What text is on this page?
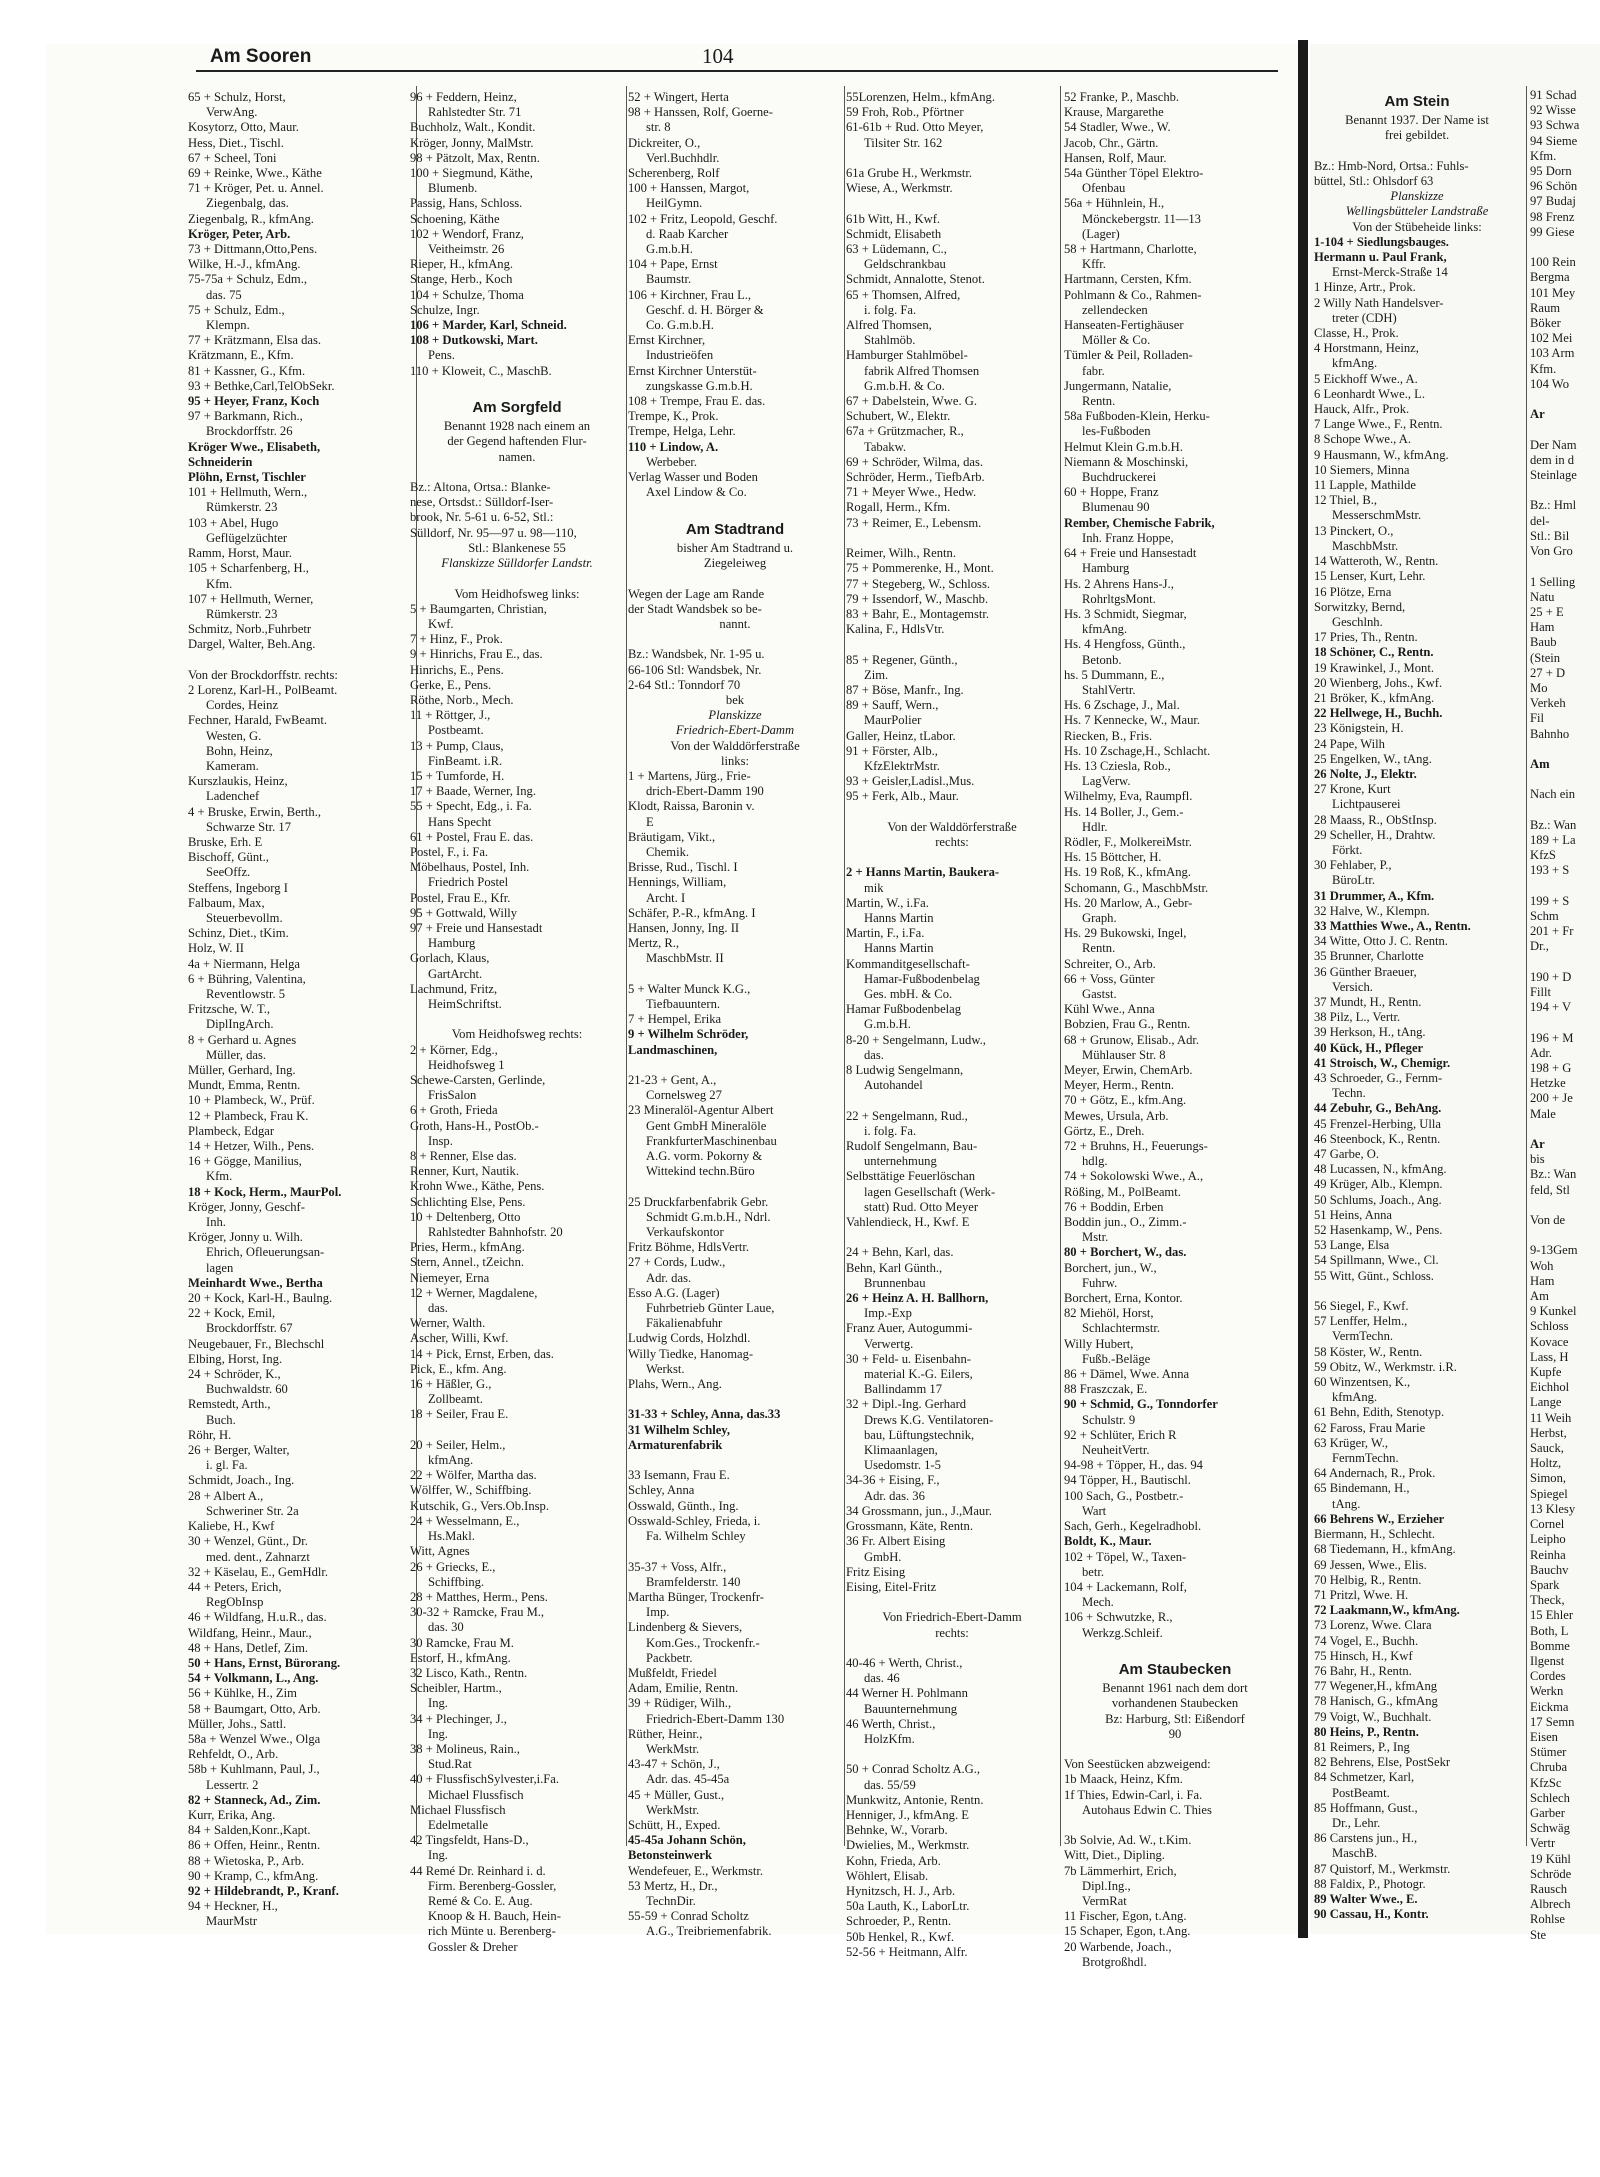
Am Sooren	104
65 + Schulz, Horst,
VerwAng.
Kosytorz, Otto, Maur.
Hess, Diet., Tischl.
67 + Scheel, Toni
69 + Reinke, Wwe., Käthe
71 + Kröger, Pet. u. Annel.
Ziegenbalg, das.
Ziegenbalg, R., kfmAng.
Kröger, Peter, Arb.
73 + Dittmann,Otto,Pens.
Wilke, H.-J., kfmAng.
75-75a + Schulz, Edm.,
das. 75
75 + Schulz, Edm.,
Klempn.
77 + Krätzmann, Elsa das.
Krätzmann, E., Kfm.
81 + Kassner, G., Kfm.
93 + Bethke,Carl,TelObSekr.
95 + Heyer, Franz, Koch
97 + Barkmann, Rich.,
Brockdorffstr. 26
Kröger Wwe., Elisabeth,
Schneiderin
Plöhn, Ernst, Tischler
101 + Hellmuth, Wern.,
Rümkerstr. 23
103 + Abel, Hugo
Geflügelzüchter
Ramm, Horst, Maur.
105 + Scharfenberg, H.,
Kfm.
107 + Hellmuth, Werner,
Rümkerstr. 23
Schmitz, Norb.,Fuhrbetr
Dargel, Walter, Beh.Ang.

Von der Brockdorffstr. rechts:
2 Lorenz, Karl-H., PolBeamt.
Cordes, Heinz
Fechner, Harald, FwBeamt.
Westen, G.
Bohn, Heinz,
Kameram.
Kurszlaukis, Heinz,
Ladenchef
4 + Bruske, Erwin, Berth.,
Schwarze Str. 17
Bruske, Erh. E
Bischoff, Günt.,
SeeOffz.
Steffens, Ingeborg I
Falbaum, Max,
Steuerbevollm.
Schinz, Diet., tKim.
Holz, W. II
4a + Niermann, Helga
6 + Bühring, Valentina,
Reventlowstr. 5
Fritzsche, W. T.,
DiplIngArch.
8 + Gerhard u. Agnes
Müller, das.
Müller, Gerhard, Ing.
Mundt, Emma, Rentn.
10 + Plambeck, W., Prüf.
12 + Plambeck, Frau K.
Plambeck, Edgar
14 + Hetzer, Wilh., Pens.
16 + Gögge, Manilius,
Kfm.
18 + Kock, Herm., MaurPol.
Kröger, Jonny, Geschf-
Inh.
Kröger, Jonny u. Wilh.
Ehrich, Ofleuerungsan-
lagen
Meinhardt Wwe., Bertha
20 + Kock, Karl-H., Baulng.
22 + Kock, Emil,
Brockdorffstr. 67
Neugebauer, Fr., Blechschl
Elbing, Horst, Ing.
24 + Schröder, K.,
Buchwaldstr. 60
Remstedt, Arth.,
Buch.
Röhr, H.
26 + Berger, Walter,
i. gl. Fa.
Schmidt, Joach., Ing.
28 + Albert A.,
Schweriner Str. 2a
Kaliebe, H., Kwf
30 + Wenzel, Günt., Dr.
med. dent., Zahnarzt
32 + Käselau, E., GemHdlr.
44 + Peters, Erich,
RegObInsp
46 + Wildfang, H.u.R., das.
Wildfang, Heinr., Maur.,
48 + Hans, Detlef, Zim.
50 + Hans, Ernst, Bürorang.
54 + Volkmann, L., Ang.
56 + Kühlke, H., Zim
58 + Baumgart, Otto, Arb.
Müller, Johs., Sattl.
58a + Wenzel Wwe., Olga
Rehfeldt, O., Arb.
58b + Kuhlmann, Paul, J.,
Lessertr. 2
82 + Stanneck, Ad., Zim.
Kurr, Erika, Ang.
84 + Salden,Konr.,Kapt.
86 + Offen, Heinr., Rentn.
88 + Wietoska, P., Arb.
90 + Kramp, C., kfmAng.
92 + Hildebrandt, P., Kranf.
94 + Heckner, H.,
MaurMstr
96 + Feddern, Heinz,
Rahlstedter Str. 71
Buchholz, Walt., Kondit.
Kröger, Jonny, MalMstr.
98 + Pätzolt, Max, Rentn.
100 + Siegmund, Käthe,
Blumenb.
Passig, Hans, Schloss.
Schoening, Käthe
102 + Wendorf, Franz,
Veitheimstr. 26
Rieper, H., kfmAng.
Stange, Herb., Koch
104 + Schulze, Thoma
Schulze, Ingr.
106 + Marder, Karl, Schneid.
108 + Dutkowski, Mart.
Pens.
110 + Kloweit, C., MaschB.

Am Sorgfeld
Benannt 1928 nach einem an
der Gegend haftenden Flur-
namen.

Bz.: Altona, Ortsa.: Blanke-
nese, Ortsdst.: Sülldorf-Iser-
brook, Nr. 5-61 u. 6-52, Stl.:
Sülldorf, Nr. 95—97 u. 98—110,
Stl.: Blankenese 55
Flanskizze Sülldorfer Landstr.

Vom Heidhofsweg links:
5 + Baumgarten, Christian,
Kwf.
7 + Hinz, F., Prok.
9 + Hinrichs, Frau E., das.
Hinrichs, E., Pens.
Gerke, E., Pens.
Röthe, Norb., Mech.
11 + Röttger, J.,
Postbeamt.
13 + Pump, Claus,
FinBeamt. i.R.
15 + Tumforde, H.
17 + Baade, Werner, Ing.
55 + Specht, Edg., i. Fa.
Hans Specht
61 + Postel, Frau E. das.
Postel, F., i. Fa.
Möbelhaus, Postel, Inh.
Friedrich Postel
Postel, Frau E., Kfr.
95 + Gottwald, Willy
97 + Freie und Hansestadt
Hamburg
Gorlach, Klaus,
GartArcht.
Lachmund, Fritz,
HeimSchriftst.

Vom Heidhofsweg rechts:
2 + Körner, Edg.,
Heidhofsweg 1
Schewe-Carsten, Gerlinde,
FrisSalon
6 + Groth, Frieda
Groth, Hans-H., PostOb.-
Insp.
8 + Renner, Else das.
Renner, Kurt, Nautik.
Krohn Wwe., Käthe, Pens.
Schlichting Else, Pens.
10 + Deltenberg, Otto
Rahlstedter Bahnhofstr. 20
Pries, Herm., kfmAng.
Stern, Annel., tZeichn.
Niemeyer, Erna
12 + Werner, Magdalene,
das.
Werner, Walth.
Ascher, Willi, Kwf.
14 + Pick, Ernst, Erben, das.
Pick, E., kfm. Ang.
16 + Häßler, G.,
Zollbeamt.
18 + Seiler, Frau E.

20 + Seiler, Helm.,
kfmAng.
22 + Wölfer, Martha das.
Wölffer, W., Schiffbing.
Kutschik, G., Vers.Ob.Insp.
24 + Wesselmann, E.,
Hs.Makl.
Witt, Agnes
26 + Griecks, E.,
Schiffbing.
28 + Matthes, Herm., Pens.
30-32 + Ramcke, Frau M.,
das. 30
30 Ramcke, Frau M.
Estorf, H., kfmAng.
32 Lisco, Kath., Rentn.
Scheibler, Hartm.,
Ing.
34 + Plechinger, J.,
Ing.
38 + Molineus, Rain.,
Stud.Rat
40 + FlussfischSylvester,i.Fa.
Michael Flussfisch
Michael Flussfisch
Edelmetalle
42 Tingsfeldt, Hans-D.,
Ing.
44 Remé Dr. Reinhard i. d.
Firm. Berenberg-Gossler,
Remé & Co. E. Aug.
Knoop & H. Bauch, Hein-
rich Münte u. Berenberg-
Gossler & Dreher
52 + Wingert, Herta
98 + Hanssen, Rolf, Goerne-
str. 8
Dickreiter, O.,
Verl.Buchhdlr.
Scherenberg, Rolf
100 + Hanssen, Margot,
HeilGymn.
102 + Fritz, Leopold, Geschf.
d. Raab Karcher
G.m.b.H.
104 + Pape, Ernst
Baumstr.
106 + Kirchner, Frau L.,
Geschf. d. H. Börger &
Co. G.m.b.H.
Ernst Kirchner,
Industrieöfen
Ernst Kirchner Unterstüt-
zungskasse G.m.b.H.
108 + Trempe, Frau E. das.
Trempe, K., Prok.
Trempe, Helga, Lehr.
110 + Lindow, A.
Werbeber.
Verlag Wasser und Boden
Axel Lindow & Co.

Am Stadtrand
bisher Am Stadtrand u.
Ziegeleiweg

Wegen der Lage am Rande
der Stadt Wandsbek so be-
nannt.

Bz.: Wandsbek, Nr. 1-95 u.
66-106 Stl: Wandsbek, Nr.
2-64 Stl.: Tonndorf 70
bek
Planskizze
Friedrich-Ebert-Damm
Von der Walddörferstraße
links:
1 + Martens, Jürg., Frie-
drich-Ebert-Damm 190
Klodt, Raissa, Baronin v.
E
Bräutigam, Vikt.,
Chemik.
Brisse, Rud., Tischl. I
Hennings, William,
Archt. I
Schäfer, P.-R., kfmAng. I
Hansen, Jonny, Ing. II
Mertz, R.,
MaschbMstr. II

5 + Walter Munck K.G.,
Tiefbauuntern.
7 + Hempel, Erika
9 + Wilhelm Schröder,
Landmaschinen,

21-23 + Gent, A.,
Cornelsweg 27
23 Mineralöl-Agentur Albert
Gent GmbH Mineralöle
FrankfurterMaschinenbau
A.G. vorm. Pokorny &
Wittekind techn.Büro

25 Druckfarbenfabrik Gebr.
Schmidt G.m.b.H., Ndrl.
Verkaufskontor
Fritz Böhme, HdlsVertr.
27 + Cords, Ludw.,
Adr. das.
Esso A.G. (Lager)
Fuhrbetrieb Günter Laue,
Fäkalienabfuhr
Ludwig Cords, Holzhdl.
Willy Tiedke, Hanomag-
Werkst.
Plahs, Wern., Ang.

31-33 + Schley, Anna, das.33
31 Wilhelm Schley,
Armaturenfabrik

33 Isemann, Frau E.
Schley, Anna
Osswald, Günth., Ing.
Osswald-Schley, Frieda, i.
Fa. Wilhelm Schley

35-37 + Voss, Alfr.,
Bramfelderstr. 140
Martha Bünger, Trockenfr-
Imp.
Lindenberg & Sievers,
Kom.Ges., Trockenfr.-
Packbetr.
Mußfeldt, Friedel
Adam, Emilie, Rentn.
39 + Rüdiger, Wilh.,
Friedrich-Ebert-Damm 130
Rüther, Heinr.,
WerkMstr.
43-47 + Schön, J.,
Adr. das. 45-45a
45 + Müller, Gust.,
WerkMstr.
Schütt, H., Exped.
45-45a Johann Schön,
Betonsteinwerk
Wendefeuer, E., Werkmstr.
53 Mertz, H., Dr.,
TechnDir.
55-59 + Conrad Scholtz
A.G., Treibriemenfabrik.
55Lorenzen, Helm., kfmAng.
59 Froh, Rob., Pförtner
61-61b + Rud. Otto Meyer,
Tilsiter Str. 162

61a Grube H., Werkmstr.
Wiese, A., Werkmstr.

61b Witt, H., Kwf.
Schmidt, Elisabeth
63 + Lüdemann, C.,
Geldschrankbau
Schmidt, Annalotte, Stenot.
65 + Thomsen, Alfred,
i. folg. Fa.
Alfred Thomsen,
Stahlmöb.
Hamburger Stahlmöbel-
fabrik Alfred Thomsen
G.m.b.H. & Co.
67 + Dabelstein, Wwe. G.
Schubert, W., Elektr.
67a + Grützmacher, R.,
Tabakw.
69 + Schröder, Wilma, das.
Schröder, Herm., TiefbArb.
71 + Meyer Wwe., Hedw.
Rogall, Herm., Kfm.
73 + Reimer, E., Lebensm.

Reimer, Wilh., Rentn.
75 + Pommerenke, H., Mont.
77 + Stegeberg, W., Schloss.
79 + Issendorf, W., Maschb.
83 + Bahr, E., Montagemstr.
Kalina, F., HdlsVtr.

85 + Regener, Günth.,
Zim.
87 + Böse, Manfr., Ing.
89 + Sauff, Wern.,
MaurPolier
Galler, Heinz, tLabor.
91 + Förster, Alb.,
KfzElektrMstr.
93 + Geisler,Ladisl.,Mus.
95 + Ferk, Alb., Maur.

Von der Walddörferstraße
rechts:

2 + Hanns Martin, Baukera-
mik
Martin, W., i.Fa.
Hanns Martin
Martin, F., i.Fa.
Hanns Martin
Kommanditgesellschaft-
Hamar-Fußbodenbelag
Ges. mbH. & Co.
Hamar Fußbodenbelag
G.m.b.H.
8-20 + Sengelmann, Ludw.,
das.
8 Ludwig Sengelmann,
Autohandel

22 + Sengelmann, Rud.,
i. folg. Fa.
Rudolf Sengelmann, Bau-
unternehmung
Selbsttätige Feuerlöschan
lagen Gesellschaft (Werk-
statt) Rud. Otto Meyer
Vahlendieck, H., Kwf. E

24 + Behn, Karl, das.
Behn, Karl Günth.,
Brunnenbau
26 + Heinz A. H. Ballhorn,
Imp.-Exp
Franz Auer, Autogummi-
Verwertg.
30 + Feld- u. Eisenbahn-
material K.-G. Eilers,
Ballindamm 17
32 + Dipl.-Ing. Gerhard
Drews K.G. Ventilatoren-
bau, Lüftungstechnik,
Klimaanlagen,
Usedomstr. 1-5
34-36 + Eising, F.,
Adr. das. 36
34 Grossmann, jun., J.,Maur.
Grossmann, Käte, Rentn.
36 Fr. Albert Eising
GmbH.
Fritz Eising
Eising, Eitel-Fritz

Von Friedrich-Ebert-Damm
rechts:

40-46 + Werth, Christ.,
das. 46
44 Werner H. Pohlmann
Bauunternehmung
46 Werth, Christ.,
HolzKfm.

50 + Conrad Scholtz A.G.,
das. 55/59
Munkwitz, Antonie, Rentn.
Henniger, J., kfmAng. E
Behnke, W., Vorarb.
Dwielies, M., Werkmstr.
Kohn, Frieda, Arb.
Wöhlert, Elisab.
Hynitzsch, H. J., Arb.
50a Lauth, K., LaborLtr.
Schroeder, P., Rentn.
50b Henkel, R., Kwf.
52-56 + Heitmann, Alfr.
52 Franke, P., Maschb.
Krause, Margarethe
54 Stadler, Wwe., W.
Jacob, Chr., Gärtn.
Hansen, Rolf, Maur.
54a Günther Töpel Elektro-
Ofenbau
56a + Hühnlein, H.,
Mönckebergstr. 11—13
(Lager)
58 + Hartmann, Charlotte,
Kffr.
Hartmann, Cersten, Kfm.
Pohlmann & Co., Rahmen-
zellendecken
Hanseaten-Fertighäuser
Möller & Co.
Tümler & Peil, Rolladen-
fabr.
Jungermann, Natalie,
Rentn.
58a Fußboden-Klein, Herku-
les-Fußboden
Helmut Klein G.m.b.H.
Niemann & Moschinski,
Buchdruckerei
60 + Hoppe, Franz
Blumenau 90
Rember, Chemische Fabrik,
Inh. Franz Hoppe,
64 + Freie und Hansestadt
Hamburg
Hs. 2 Ahrens Hans-J.,
RohrltgsMont.
Hs. 3 Schmidt, Siegmar,
kfmAng.
Hs. 4 Hengfoss, Günth.,
Betonb.
hs. 5 Dummann, E.,
StahlVertr.
Hs. 6 Zschage, J., Mal.
Hs. 7 Kennecke, W., Maur.
Riecken, B., Fris.
Hs. 10 Zschage,H., Schlacht.
Hs. 13 Cziesla, Rob.,
LagVerw.
Wilhelmy, Eva, Raumpfl.
Hs. 14 Boller, J., Gem.-
Hdlr.
Rödler, F., MolkereiMstr.
Hs. 15 Böttcher, H.
Hs. 19 Roß, K., kfmAng.
Schomann, G., MaschbMstr.
Hs. 20 Marlow, A., Gebr-
Graph.
Hs. 29 Bukowski, Ingel,
Rentn.
Schreiter, O., Arb.
66 + Voss, Günter
Gastst.
Kühl Wwe., Anna
Bobzien, Frau G., Rentn.
68 + Grunow, Elisab., Adr.
Mühlauser Str. 8
Meyer, Erwin, ChemArb.
Meyer, Herm., Rentn.
70 + Götz, E., kfm.Ang.
Mewes, Ursula, Arb.
Görtz, E., Dreh.
72 + Bruhns, H., Feuerungs-
hdlg.
74 + Sokolowski Wwe., A.,
Rößing, M., PolBeamt.
76 + Boddin, Erben
Boddin jun., O., Zimm.-
Mstr.
80 + Borchert, W., das.
Borchert, jun., W.,
Fuhrw.
Borchert, Erna, Kontor.
82 Miehöl, Horst,
Schlachtermstr.
Willy Hubert,
Fußb.-Beläge
86 + Dämel, Wwe. Anna
88 Fraszczak, E.
90 + Schmid, G., Tonndorfer
Schulstr. 9
92 + Schlüter, Erich R
NeuheitVertr.
94-98 + Töpper, H., das. 94
94 Töpper, H., Bautischl.
100 Sach, G., Postbetr.-
Wart
Sach, Gerh., Kegelradhobl.
Boldt, K., Maur.
102 + Töpel, W., Taxen-
betr.
104 + Lackemann, Rolf,
Mech.
106 + Schwutzke, R.,
Werkzg.Schleif.

Am Staubecken
Benannt 1961 nach dem dort
vorhandenen Staubecken
Bz: Harburg, Stl: Eißendorf
90

Von Seestücken abzweigend:
1b Maack, Heinz, Kfm.
1f Thies, Edwin-Carl, i. Fa.
Autohaus Edwin C. Thies

3b Solvie, Ad. W., t.Kim.
Witt, Diet., Dipling.
7b Lämmerhirt, Erich,
Dipl.Ing.,
VermRat
11 Fischer, Egon, t.Ang.
15 Schaper, Egon, t.Ang.
20 Warbende, Joach.,
Brotgroßhdl.
Am Stein
Benannt 1937. Der Name ist
frei gebildet.

Bz.: Hmb-Nord, Ortsa.: Fuhls-
büttel, Stl.: Ohlsdorf 63
Planskizze
Wellingsbütteler Landstraße
Von der Stübeheide links:
1-104 + Siedlungsbauges.
Hermann u. Paul Frank,
Ernst-Merck-Straße 14
1 Hinze, Artr., Prok.
2 Willy Nath Handelsver-
treter (CDH)
Classe, H., Prok.
4 Horstmann, Heinz,
kfmAng.
5 Eickhoff Wwe., A.
6 Leonhardt Wwe., L.
Hauck, Alfr., Prok.
7 Lange Wwe., F., Rentn.
8 Schope Wwe., A.
9 Hausmann, W., kfmAng.
10 Siemers, Minna
11 Lapple, Mathilde
12 Thiel, B.,
MesserschmMstr.
13 Pinckert, O.,
MaschbMstr.
14 Watteroth, W., Rentn.
15 Lenser, Kurt, Lehr.
16 Plötze, Erna
Sorwitzky, Bernd,
Geschlnh.
17 Pries, Th., Rentn.
18 Schöner, C., Rentn.
19 Krawinkel, J., Mont.
20 Wienberg, Johs., Kwf.
21 Bröker, K., kfmAng.
22 Hellwege, H., Buchh.
23 Königstein, H.
24 Pape, Wilh
25 Engelken, W., tAng.
26 Nolte, J., Elektr.
27 Krone, Kurt
Lichtpauserei
28 Maass, R., ObStInsp.
29 Scheller, H., Drahtw.
Förkt.
30 Fehlaber, P.,
BüroLtr.
31 Drummer, A., Kfm.
32 Halve, W., Klempn.
33 Matthies Wwe., A., Rentn.
34 Witte, Otto J. C. Rentn.
35 Brunner, Charlotte
36 Günther Braeuer,
Versich.
37 Mundt, H., Rentn.
38 Pilz, L., Vertr.
39 Herkson, H., tAng.
40 Kück, H., Pfleger
41 Stroisch, W., Chemigr.
43 Schroeder, G., Fernm-
Techn.
44 Zebuhr, G., BehAng.
45 Frenzel-Herbing, Ulla
46 Steenbock, K., Rentn.
47 Garbe, O.
48 Lucassen, N., kfmAng.
49 Krüger, Alb., Klempn.
50 Schlums, Joach., Ang.
51 Heins, Anna
52 Hasenkamp, W., Pens.
53 Lange, Elsa
54 Spillmann, Wwe., Cl.
55 Witt, Günt., Schloss.

56 Siegel, F., Kwf.
57 Lenffer, Helm.,
VermTechn.
58 Köster, W., Rentn.
59 Obitz, W., Werkmstr. i.R.
60 Winzentsen, K.,
kfmAng.
61 Behn, Edith, Stenotyp.
62 Faross, Frau Marie
63 Krüger, W.,
FernmTechn.
64 Andernach, R., Prok.
65 Bindemann, H.,
tAng.
66 Behrens W., Erzieher
Biermann, H., Schlecht.
68 Tiedemann, H., kfmAng.
69 Jessen, Wwe., Elis.
70 Helbig, R., Rentn.
71 Pritzl, Wwe. H.
72 Laakmann,W., kfmAng.
73 Lorenz, Wwe. Clara
74 Vogel, E., Buchh.
75 Hinsch, H., Kwf
76 Bahr, H., Rentn.
77 Wegener,H., kfmAng
78 Hanisch, G., kfmAng
79 Voigt, W., Buchhalt.
80 Heins, P., Rentn.
81 Reimers, P., Ing
82 Behrens, Else, PostSekr
84 Schmetzer, Karl,
PostBeamt.
85 Hoffmann, Gust.,
Dr., Lehr.
86 Carstens jun., H.,
MaschB.
87 Quistorf, M., Werkmstr.
88 Faldix, P., Photogr.
89 Walter Wwe., E.
90 Cassau, H., Kontr.
91 Schad
92 Wisse
93 Schwa
94 Sieme
Kfm.
95 Dorn
96 Schön
97 Budaj
98 Frenz
99 Giese

100 Rein
Bergma
101 Mey
Raum
Böker
102 Mei
103 Arm
Kfm.
104 Wo

Ar

Der Nam
dem in d
Steinlage

Bz.: Hml
del-
Stl.: Bil
Von Gro

1 Selling
Natu
25 + E
Ham
Baub
(Stein
27 + D
Mo
Verkeh
Fil
Bahnho

Am

Nach ein

Bz.: Wan
189 + La
KfzS
193 + S

199 + S
Schm
201 + Fr
Dr.,

190 + D
Fillt
194 + V

196 + M
Adr.
198 + G
Hetzke
200 + Je
Male

Ar
bis
Bz.: Wan
feld, Stl

Von de

9-13Gem
Woh
Ham
Am
9 Kunkel
Schloss
Kovace
Lass, H
Kupfe
Eichhol
Lange
11 Weih
Herbst,
Sauck,
Holtz,
Simon,
Spiegel
13 Klesy
Cornel
Leipho
Reinha
Bauchv
Spark
Theck,
15 Ehler
Both, L
Bomme
Ilgenst
Cordes
Werkn
Eickma
17 Semn
Eisen
Stümer
Chruba
KfzSc
Schlech
Garber
Schwäg
Vertr
19 Kühl
Schröde
Rausch
Albrech
Rohlse
Ste
